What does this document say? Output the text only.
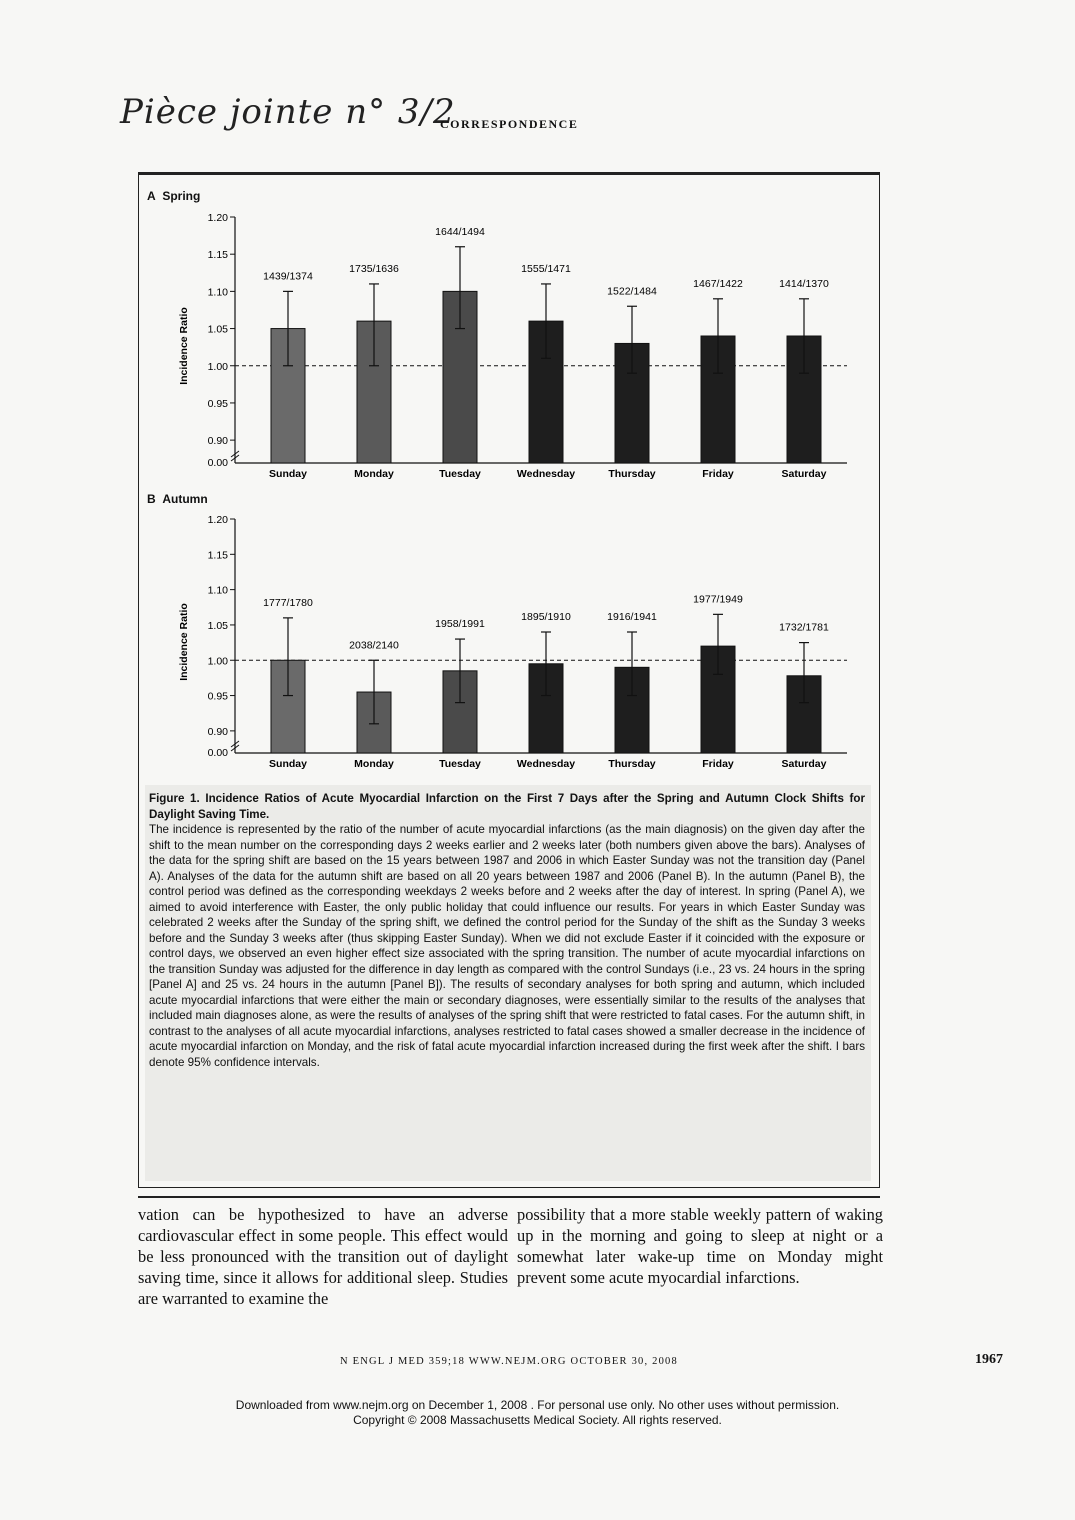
Pièce jointe n° 3/2
CORRESPONDENCE
A Spring
B Autumn
Incidence Ratio
1.20
1.15
1.10
1.05
1.00
0.95
0.90
0.00
1439/1374
Sunday
1735/1636
Monday
1644/1494
Tuesday
1555/1471
Wednesday
1522/1484
Thursday
1467/1422
Friday
1414/1370
Saturday
Incidence Ratio
1.20
1.15
1.10
1.05
1.00
0.95
0.90
0.00
1777/1780
Sunday
2038/2140
Monday
1958/1991
Tuesday
1895/1910
Wednesday
1916/1941
Thursday
1977/1949
Friday
1732/1781
Saturday

Figure 1. Incidence Ratios of Acute Myocardial Infarction on the First 7 Days after the Spring and Autumn Clock Shifts for Daylight Saving Time.

The incidence is represented by the ratio of the number of acute myocardial infarctions (as the main diagnosis) on the given day after the shift to the mean number on the corresponding days 2 weeks earlier and 2 weeks later (both numbers given above the bars). Analyses of the data for the spring shift are based on the 15 years between 1987 and 2006 in which Easter Sunday was not the transition day (Panel A). Analyses of the data for the autumn shift are based on all 20 years between 1987 and 2006 (Panel B). In the autumn (Panel B), the control period was defined as the corresponding weekdays 2 weeks before and 2 weeks after the day of interest. In spring (Panel A), we aimed to avoid interference with Easter, the only public holiday that could influence our results. For years in which Easter Sunday was celebrated 2 weeks after the Sunday of the spring shift, we defined the control period for the Sunday of the shift as the Sunday 3 weeks before and the Sunday 3 weeks after (thus skipping Easter Sunday). When we did not exclude Easter if it coincided with the exposure or control days, we observed an even higher effect size associated with the spring transition. The number of acute myocardial infarctions on the transition Sunday was adjusted for the difference in day length as compared with the control Sundays (i.e., 23 vs. 24 hours in the spring [Panel A] and 25 vs. 24 hours in the autumn [Panel B]). The results of secondary analyses for both spring and autumn, which included acute myocardial infarctions that were either the main or secondary diagnoses, were essentially similar to the results of the analyses that included main diagnoses alone, as were the results of analyses of the spring shift that were restricted to fatal cases. For the autumn shift, in contrast to the analyses of all acute myocardial infarctions, analyses restricted to fatal cases showed a smaller decrease in the incidence of acute myocardial infarction on Monday, and the risk of fatal acute myocardial infarction increased during the first week after the shift. I bars denote 95% confidence intervals.

vation can be hypothesized to have an adverse cardiovascular effect in some people. This effect would be less pronounced with the transition out of daylight saving time, since it allows for additional sleep. Studies are warranted to examine the
possibility that a more stable weekly pattern of waking up in the morning and going to sleep at night or a somewhat later wake-up time on Monday might prevent some acute myocardial infarctions.
N ENGL J MED 359;18 WWW.NEJM.ORG OCTOBER 30, 2008	1967
Downloaded from www.nejm.org on December 1, 2008 . For personal use only. No other uses without permission.
Copyright © 2008 Massachusetts Medical Society. All rights reserved.
